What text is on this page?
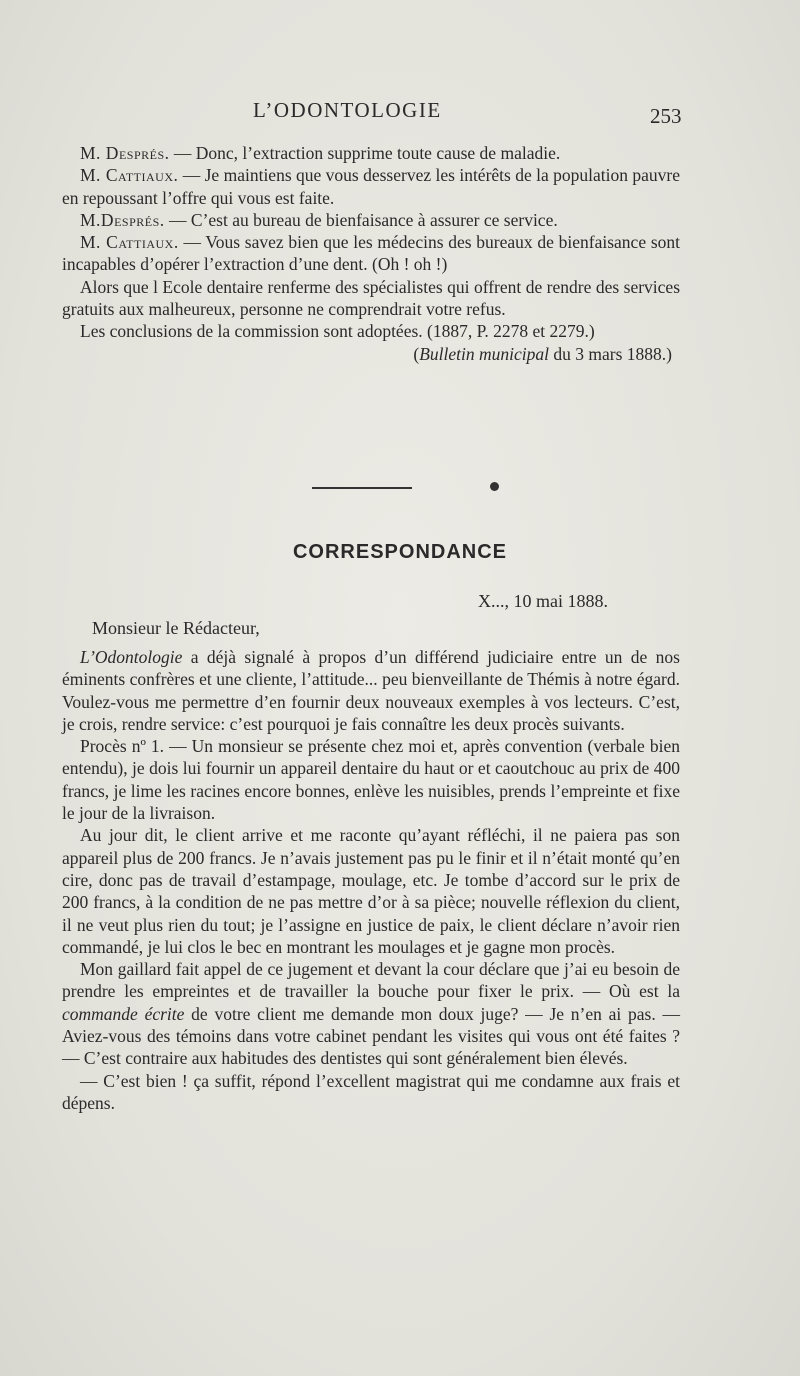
L’ODONTOLOGIE	253

M. Després. — Donc, l’extraction supprime toute cause de maladie.

M. Cattiaux. — Je maintiens que vous desservez les intérêts de la population pauvre en repoussant l’offre qui vous est faite.

M.Després. — C’est au bureau de bienfaisance à assurer ce service.

M. Cattiaux. — Vous savez bien que les médecins des bureaux de bienfaisance sont incapables d’opérer l’extraction d’une dent. (Oh ! oh !)

Alors que l Ecole dentaire renferme des spécialistes qui offrent de rendre des services gratuits aux malheureux, personne ne comprendrait votre refus.

Les conclusions de la commission sont adoptées. (1887, P. 2278 et 2279.)

(Bulletin municipal du 3 mars 1888.)

CORRESPONDANCE
X..., 10 mai 1888.
Monsieur le Rédacteur,

L’Odontologie a déjà signalé à propos d’un différend judiciaire entre un de nos éminents confrères et une cliente, l’attitude... peu bienveillante de Thémis à notre égard. Voulez-vous me permettre d’en fournir deux nouveaux exemples à vos lecteurs. C’est, je crois, rendre service: c’est pourquoi je fais connaître les deux procès suivants.

Procès nº 1. — Un monsieur se présente chez moi et, après convention (verbale bien entendu), je dois lui fournir un appareil dentaire du haut or et caoutchouc au prix de 400 francs, je lime les racines encore bonnes, enlève les nuisibles, prends l’empreinte et fixe le jour de la livraison.

Au jour dit, le client arrive et me raconte qu’ayant réfléchi, il ne paiera pas son appareil plus de 200 francs. Je n’avais justement pas pu le finir et il n’était monté qu’en cire, donc pas de travail d’estampage, moulage, etc. Je tombe d’accord sur le prix de 200 francs, à la condition de ne pas mettre d’or à sa pièce; nouvelle réflexion du client, il ne veut plus rien du tout; je l’assigne en justice de paix, le client déclare n’avoir rien commandé, je lui clos le bec en montrant les moulages et je gagne mon procès.

Mon gaillard fait appel de ce jugement et devant la cour déclare que j’ai eu besoin de prendre les empreintes et de travailler la bouche pour fixer le prix. — Où est la commande écrite de votre client me demande mon doux juge? — Je n’en ai pas. — Aviez-vous des témoins dans votre cabinet pendant les visites qui vous ont été faites ? — C’est contraire aux habitudes des dentistes qui sont généralement bien élevés.

— C’est bien ! ça suffit, répond l’excellent magistrat qui me condamne aux frais et dépens.
